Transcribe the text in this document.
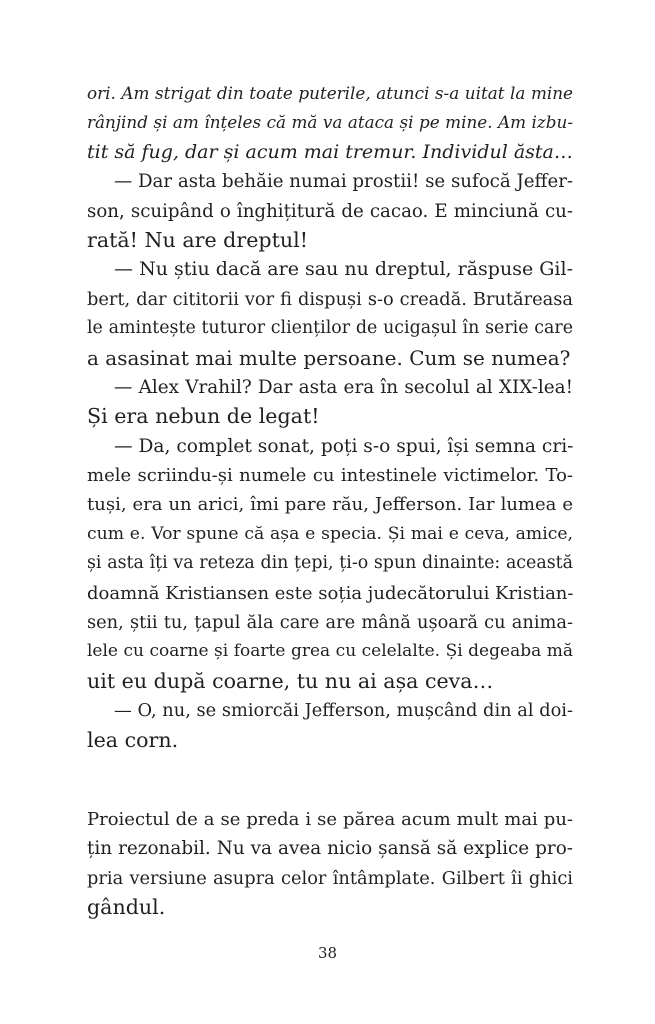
ori. Am strigat din toate puterile, atunci s-a uitat la mine
rânjind și am înțeles că mă va ataca și pe mine. Am izbu-
tit să fug, dar și acum mai tremur. Individul ăsta…
— Dar asta behăie numai prostii! se sufocă Jeffer-
son, scuipând o înghițitură de cacao. E minciună cu-
rată! Nu are dreptul!
— Nu știu dacă are sau nu dreptul, răspuse Gil-
bert, dar cititorii vor fi dispuși s-o creadă. Brutăreasa
le amintește tuturor clienților de ucigașul în serie care
a asasinat mai multe persoane. Cum se numea?
— Alex Vrahil? Dar asta era în secolul al XIX-lea!
Și era nebun de legat!
— Da, complet sonat, poți s-o spui, își semna cri-
mele scriindu-și numele cu intestinele victimelor. To-
tuși, era un arici, îmi pare rău, Jefferson. Iar lumea e
cum e. Vor spune că așa e specia. Și mai e ceva, amice,
și asta îți va reteza din țepi, ți-o spun dinainte: această
doamnă Kristiansen este soția judecătorului Kristian-
sen, știi tu, țapul ăla care are mână ușoară cu anima-
lele cu coarne și foarte grea cu celelalte. Și degeaba mă
uit eu după coarne, tu nu ai așa ceva…
— O, nu, se smiorcăi Jefferson, mușcând din al doi-
lea corn.
Proiectul de a se preda i se părea acum mult mai pu-
țin rezonabil. Nu va avea nicio șansă să explice pro-
pria versiune asupra celor întâmplate. Gilbert îi ghici
gândul.
38
